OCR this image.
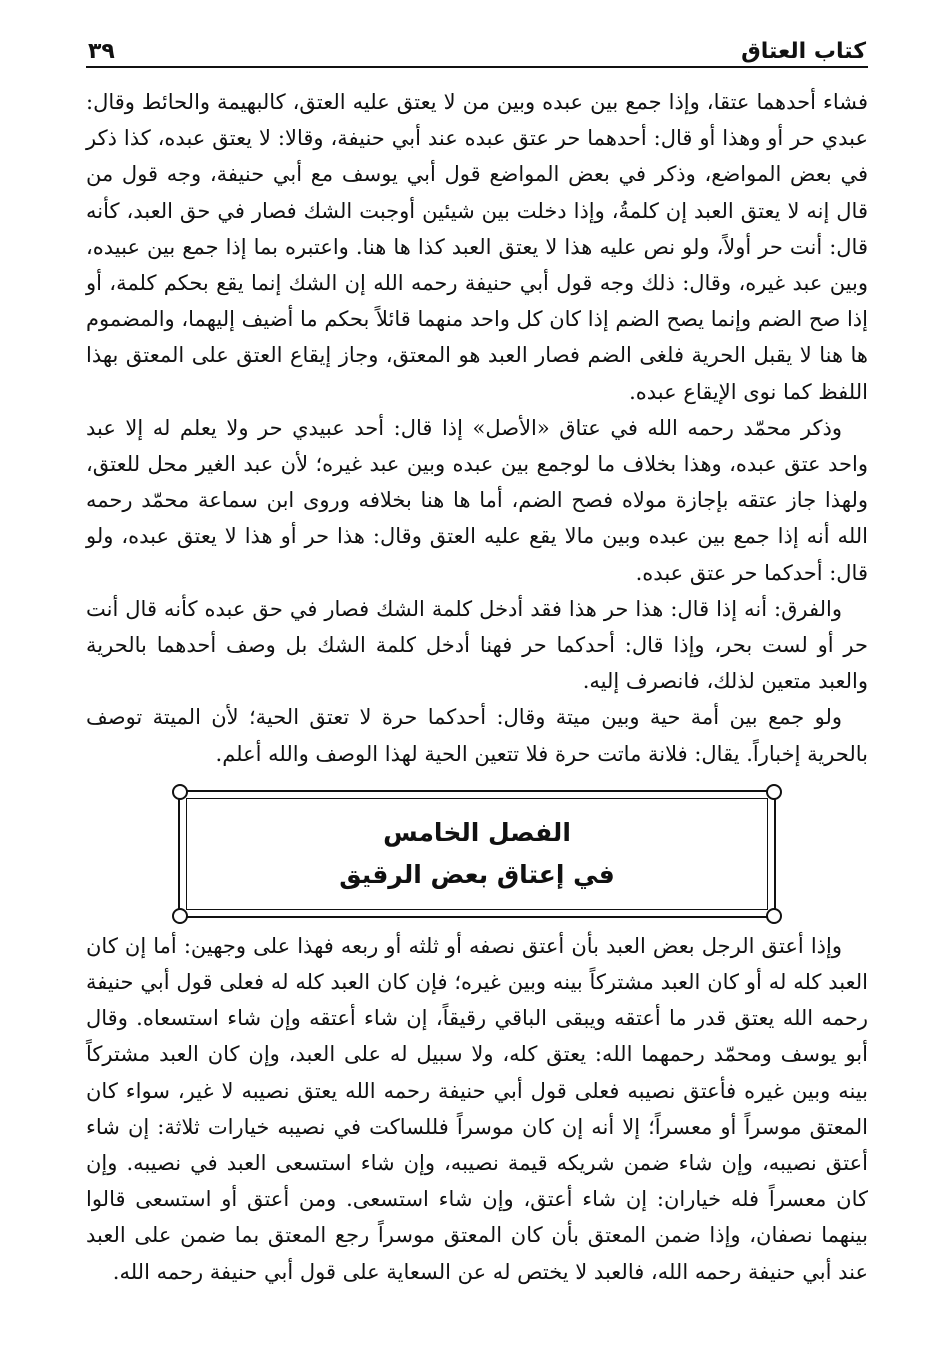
كتاب العتاق
٣٩

فشاء أحدهما عتقا، وإذا جمع بين عبده وبين من لا يعتق عليه العتق، كالبهيمة والحائط وقال: عبدي حر أو وهذا أو قال: أحدهما حر عتق عبده عند أبي حنيفة، وقالا: لا يعتق عبده، كذا ذكر في بعض المواضع، وذكر في بعض المواضع قول أبي يوسف مع أبي حنيفة، وجه قول من قال إنه لا يعتق العبد إن كلمةُ، وإذا دخلت بين شيئين أوجبت الشك فصار في حق العبد، كأنه قال: أنت حر أولاً، ولو نص عليه هذا لا يعتق العبد كذا ها هنا. واعتبره بما إذا جمع بين عبيده، وبين عبد غيره، وقال: ذلك وجه قول أبي حنيفة رحمه الله إن الشك إنما يقع بحكم كلمة، أو إذا صح الضم وإنما يصح الضم إذا كان كل واحد منهما قائلاً بحكم ما أضيف إليهما، والمضموم ها هنا لا يقبل الحرية فلغى الضم فصار العبد هو المعتق، وجاز إيقاع العتق على المعتق بهذا اللفظ كما نوى الإيقاع عبده.

وذكر محمّد رحمه الله في عتاق «الأصل» إذا قال: أحد عبيدي حر ولا يعلم له إلا عبد واحد عتق عبده، وهذا بخلاف ما لوجمع بين عبده وبين عبد غيره؛ لأن عبد الغير محل للعتق، ولهذا جاز عتقه بإجازة مولاه فصح الضم، أما ها هنا بخلافه وروى ابن سماعة محمّد رحمه الله أنه إذا جمع بين عبده وبين مالا يقع عليه العتق وقال: هذا حر أو هذا لا يعتق عبده، ولو قال: أحدكما حر عتق عبده.

والفرق: أنه إذا قال: هذا حر هذا فقد أدخل كلمة الشك فصار في حق عبده كأنه قال أنت حر أو لست بحر، وإذا قال: أحدكما حر فهنا أدخل كلمة الشك بل وصف أحدهما بالحرية والعبد متعين لذلك، فانصرف إليه.

ولو جمع بين أمة حية وبين ميتة وقال: أحدكما حرة لا تعتق الحية؛ لأن الميتة توصف بالحرية إخباراً. يقال: فلانة ماتت حرة فلا تتعين الحية لهذا الوصف والله أعلم.

الفصل الخامس
في إعتاق بعض الرقيق

وإذا أعتق الرجل بعض العبد بأن أعتق نصفه أو ثلثه أو ربعه فهذا على وجهين: أما إن كان العبد كله له أو كان العبد مشتركاً بينه وبين غيره؛ فإن كان العبد كله له فعلى قول أبي حنيفة رحمه الله يعتق قدر ما أعتقه ويبقى الباقي رقيقاً، إن شاء أعتقه وإن شاء استسعاه. وقال أبو يوسف ومحمّد رحمهما الله: يعتق كله، ولا سبيل له على العبد، وإن كان العبد مشتركاً بينه وبين غيره فأعتق نصيبه فعلى قول أبي حنيفة رحمه الله يعتق نصيبه لا غير، سواء كان المعتق موسراً أو معسراً؛ إلا أنه إن كان موسراً فللساكت في نصيبه خيارات ثلاثة: إن شاء أعتق نصيبه، وإن شاء ضمن شريكه قيمة نصيبه، وإن شاء استسعى العبد في نصيبه. وإن كان معسراً فله خياران: إن شاء أعتق، وإن شاء استسعى. ومن أعتق أو استسعى قالوا بينهما نصفان، وإذا ضمن المعتق بأن كان المعتق موسراً رجع المعتق بما ضمن على العبد عند أبي حنيفة رحمه الله، فالعبد لا يختص له عن السعاية على قول أبي حنيفة رحمه الله.
